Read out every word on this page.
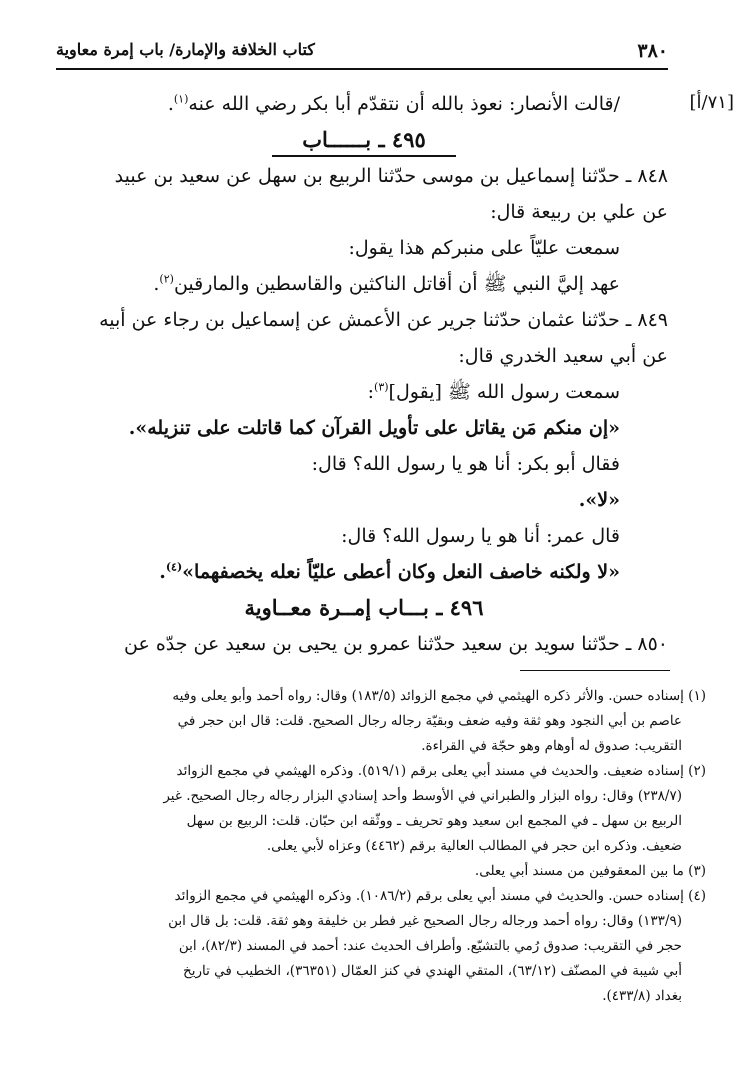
٣٨٠
كتاب الخلافة والإمارة/ باب إمرة معاوية
[٧١/أ]
/قالت الأنصار: نعوذ بالله أن نتقدّم أبا بكر رضي الله عنه$^{(١)}$.
٤٩٥ ـ بــــــاب
٨٤٨ ـ حدّثنا إسماعيل بن موسى حدّثنا الربيع بن سهل عن سعيد بن عبيد
عن علي بن ربيعة قال:
سمعت عليّاً على منبركم هذا يقول:
عهد إليَّ النبي ﷺ أن أقاتل الناكثين والقاسطين والمارقين$^{(٢)}$.
٨٤٩ ـ حدّثنا عثمان حدّثنا جرير عن الأعمش عن إسماعيل بن رجاء عن أبيه
عن أبي سعيد الخدري قال:
سمعت رسول الله ﷺ [يقول]$^{(٣)}$:
«إن منكم مَن يقاتل على تأويل القرآن كما قاتلت على تنزيله».
فقال أبو بكر: أنا هو يا رسول الله؟ قال:
«لا».
قال عمر: أنا هو يا رسول الله؟ قال:
«لا ولكنه خاصف النعل وكان أعطى عليّاً نعله يخصفهما»$^{(٤)}$.
٤٩٦ ـ بـــاب إمــرة معــاوية
٨٥٠ ـ حدّثنا سويد بن سعيد حدّثنا عمرو بن يحيى بن سعيد عن جدّه عن
(١) إسناده حسن. والأثر ذكره الهيثمي في مجمع الزوائد (١٨٣/٥) وقال: رواه أحمد وأبو يعلى وفيه
عاصم بن أبي النجود وهو ثقة وفيه ضعف وبقيّة رجاله رجال الصحيح. قلت: قال ابن حجر في
التقريب: صدوق له أوهام وهو حجّة في القراءة.
(٢) إسناده ضعيف. والحديث في مسند أبي يعلى برقم (٥١٩/١). وذكره الهيثمي في مجمع الزوائد
(٢٣٨/٧) وقال: رواه البزار والطبراني في الأوسط وأحد إسنادي البزار رجاله رجال الصحيح. غير
الربيع بن سهل ـ في المجمع ابن سعيد وهو تحريف ـ ووثّقه ابن حبّان. قلت: الربيع بن سهل
ضعيف. وذكره ابن حجر في المطالب العالية برقم (٤٤٦٢) وعزاه لأبي يعلى.
(٣) ما بين المعقوفين من مسند أبي يعلى.
(٤) إسناده حسن. والحديث في مسند أبي يعلى برقم (١٠٨٦/٢). وذكره الهيثمي في مجمع الزوائد
(١٣٣/٩) وقال: رواه أحمد ورجاله رجال الصحيح غير فطر بن خليفة وهو ثقة. قلت: بل قال ابن
حجر في التقريب: صدوق رُمي بالتشيّع. وأطراف الحديث عند: أحمد في المسند (٨٢/٣)، ابن
أبي شيبة في المصنّف (٦٣/١٢)، المتقي الهندي في كنز العمّال (٣٦٣٥١)، الخطيب في تاريخ
بغداد (٤٣٣/٨).
